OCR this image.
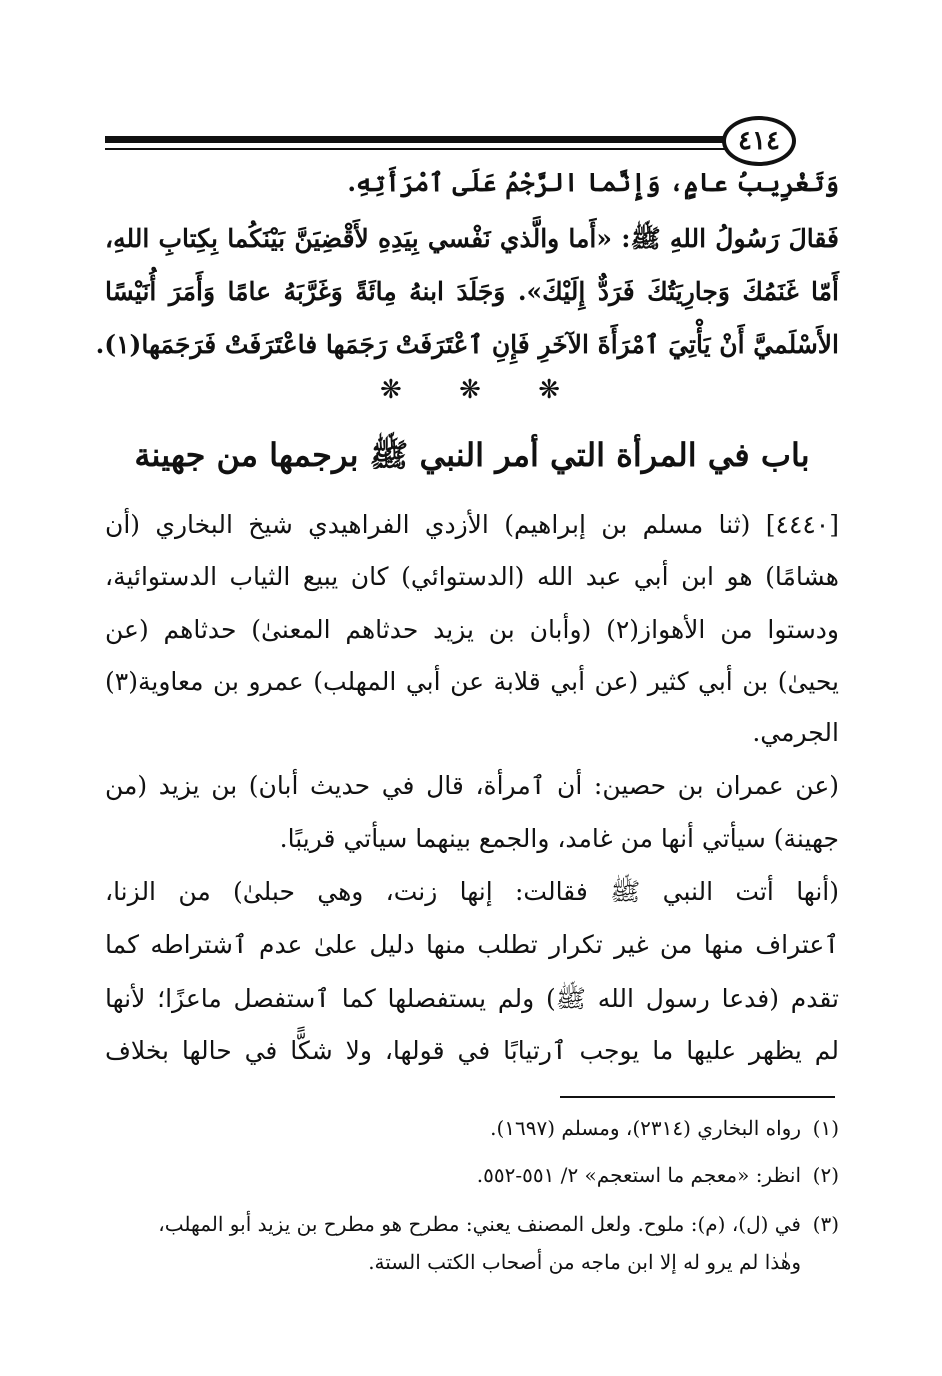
٤١٤
وَتَغْرِيبُ عامٍ، وَإِنَّما الرَّجْمُ عَلَى ٱمْرَأَتِهِ.
فَقالَ رَسُولُ اللهِ ﷺ: «أَما والَّذي نَفْسي بِيَدِهِ لأَقْضِيَنَّ بَيْنَكُما بِكِتابِ اللهِ،
أَمّا غَنَمُكَ وَجارِيَتُكَ فَرَدٌّ إِلَيْكَ». وَجَلَدَ ابنهُ مِائَةً وَغَرَّبَهُ عامًا وَأَمَرَ أُنَيْسًا
الأَسْلَميَّ أَنْ يَأْتِيَ ٱمْرَأَةَ الآخَرِ فَإِنِ ٱعْتَرَفَتْ رَجَمَها فاعْتَرَفَتْ فَرَجَمَها(١).
❋ ❋ ❋
باب في المرأة التي أمر النبي ﷺ برجمها من جهينة
[٤٤٤٠] (ثنا مسلم بن إبراهيم) الأزدي الفراهيدي شيخ البخاري (أن
هشامًا) هو ابن أبي عبد الله (الدستوائي) كان يبيع الثياب الدستوائية،
ودستوا من الأهواز(٢) (وأبان بن يزيد حدثاهم المعنىٰ) حدثاهم (عن
يحيىٰ) بن أبي كثير (عن أبي قلابة عن أبي المهلب) عمرو بن معاوية(٣)
الجرمي.
(عن عمران بن حصين: أن ٱمرأة، قال في حديث أبان) بن يزيد (من
جهينة) سيأتي أنها من غامد، والجمع بينهما سيأتي قريبًا.
(أنها أتت النبي ﷺ فقالت: إنها زنت، وهي حبلىٰ) من الزنا،
ٱعتراف منها من غير تكرار تطلب منها دليل علىٰ عدم ٱشتراطه كما
تقدم (فدعا رسول الله ﷺ) ولم يستفصلها كما ٱستفصل ماعزًا؛ لأنها
لم يظهر عليها ما يوجب ٱرتيابًا في قولها، ولا شكًّا في حالها بخلاف
(١)رواه البخاري (٢٣١٤)، ومسلم (١٦٩٧).
(٢)انظر: «معجم ما استعجم» ٢/ ٥٥١-٥٥٢.
(٣)في (ل)، (م): ملوح. ولعل المصنف يعني: مطرح هو مطرح بن يزيد أبو المهلب،
وهٰذا لم يرو له إلا ابن ماجه من أصحاب الكتب الستة.
